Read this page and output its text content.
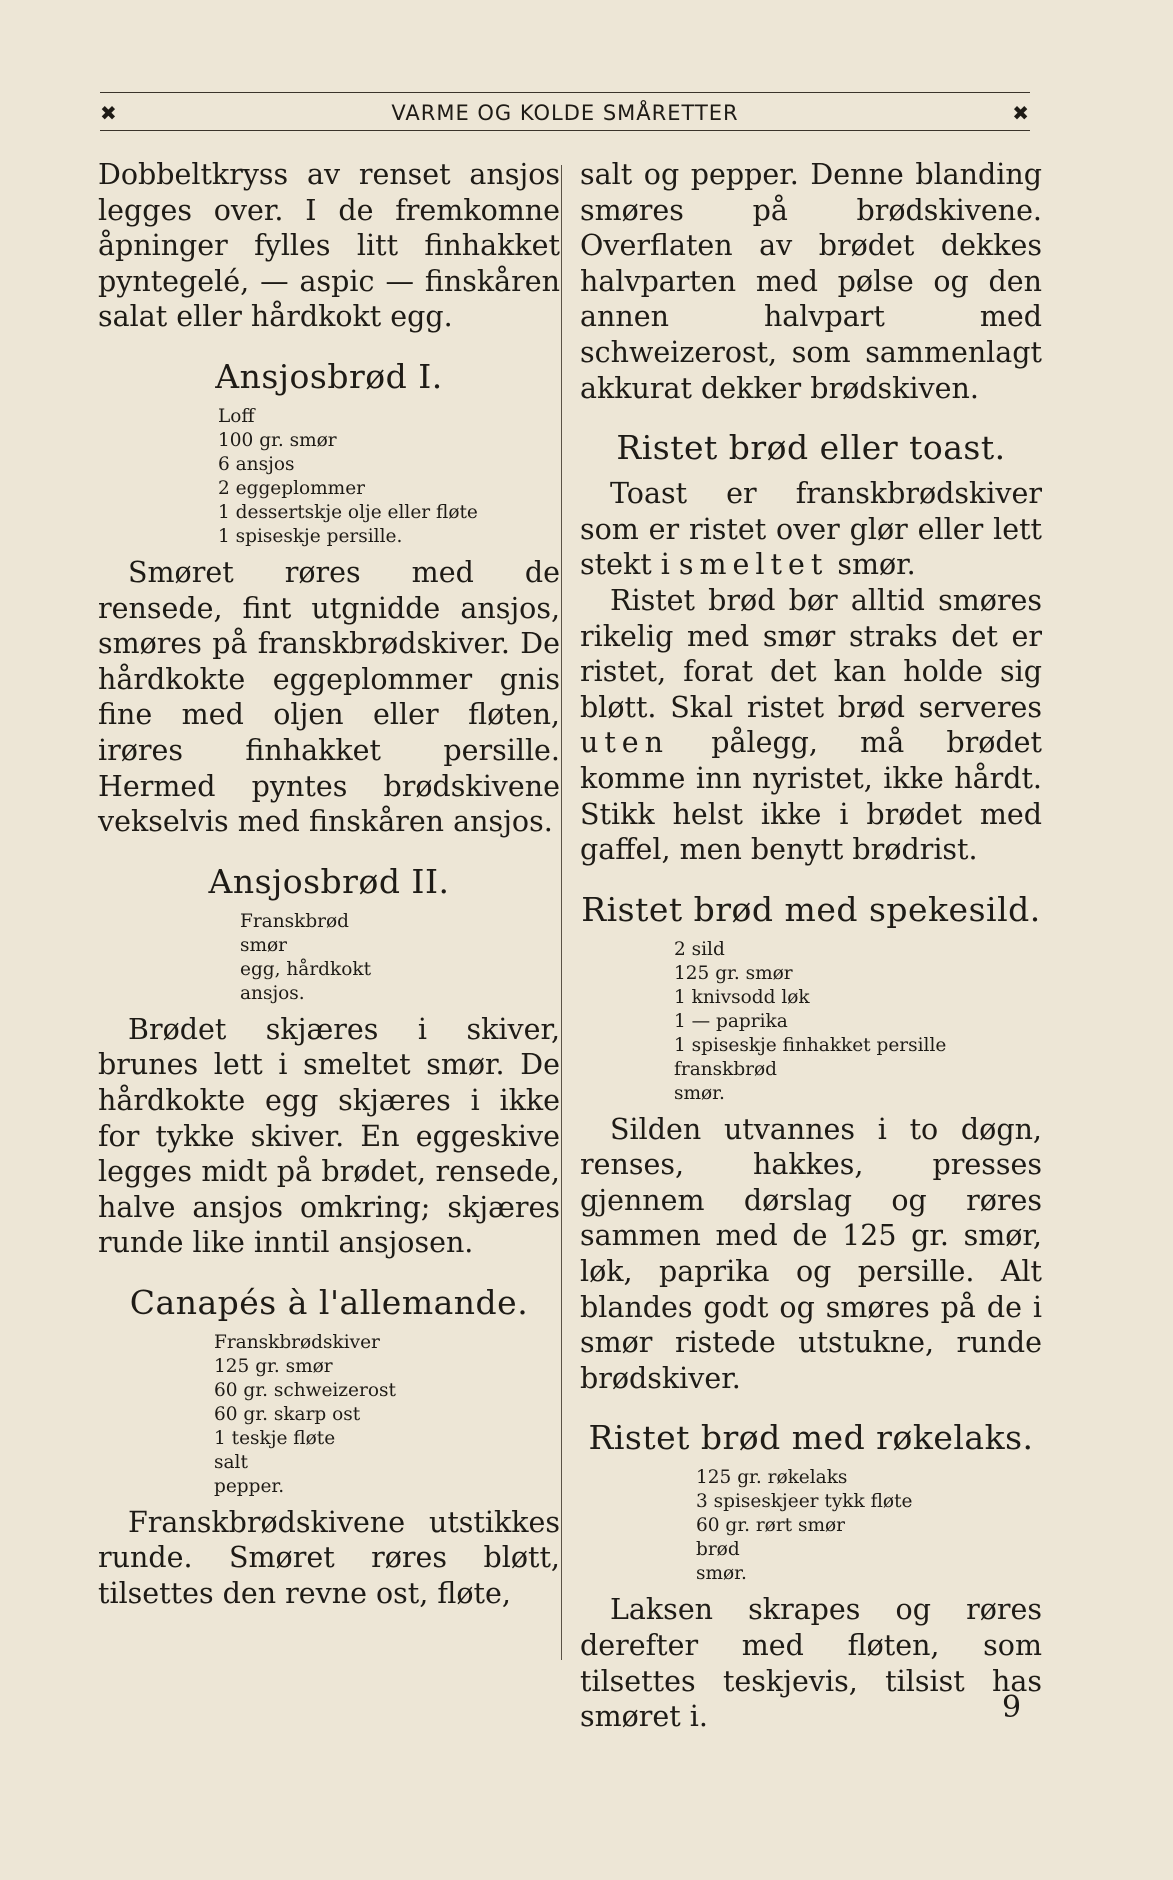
✖	VARME OG KOLDE SMÅRETTER	✖

Dobbeltkryss av renset ansjos legges over. I de fremkomne åpninger fylles litt finhakket pyntegelé, — aspic — finskåren salat eller hårdkokt egg.

Ansjosbrød I.
Loff
100 gr. smør
6 ansjos
2 eggeplommer
1 dessertskje olje eller fløte
1 spiseskje persille.

Smøret røres med de rensede, fint utgnidde ansjos, smøres på franskbrødskiver. De hårdkokte eggeplommer gnis fine med oljen eller fløten, irøres finhakket persille. Hermed pyntes brødskivene vekselvis med finskåren ansjos.

Ansjosbrød II.
Franskbrød
smør
egg, hårdkokt
ansjos.

Brødet skjæres i skiver, brunes lett i smeltet smør. De hårdkokte egg skjæres i ikke for tykke skiver. En eggeskive legges midt på brødet, rensede, halve ansjos omkring; skjæres runde like inntil ansjosen.

Canapés à l'allemande.
Franskbrødskiver
125 gr. smør
60 gr. schweizerost
60 gr. skarp ost
1 teskje fløte
salt
pepper.

Franskbrødskivene utstikkes runde. Smøret røres bløtt, tilsettes den revne ost, fløte,

salt og pepper. Denne blanding smøres på brødskivene. Overflaten av brødet dekkes halvparten med pølse og den annen halvpart med schweizerost, som sammenlagt akkurat dekker brødskiven.

Ristet brød eller toast.

Toast er franskbrødskiver som er ristet over glør eller lett stekt i smeltet smør.

Ristet brød bør alltid smøres rikelig med smør straks det er ristet, forat det kan holde sig bløtt. Skal ristet brød serveres uten pålegg, må brødet komme inn nyristet, ikke hårdt. Stikk helst ikke i brødet med gaffel, men benytt brødrist.

Ristet brød med spekesild.
2 sild
125 gr. smør
1 knivsodd løk
1 — paprika
1 spiseskje finhakket persille
franskbrød
smør.

Silden utvannes i to døgn, renses, hakkes, presses gjennem dørslag og røres sammen med de 125 gr. smør, løk, paprika og persille. Alt blandes godt og smøres på de i smør ristede utstukne, runde brødskiver.

Ristet brød med røkelaks.
125 gr. røkelaks
3 spiseskjeer tykk fløte
60 gr. rørt smør
brød
smør.

Laksen skrapes og røres derefter med fløten, som tilsettes teskjevis, tilsist has smøret i.	9
